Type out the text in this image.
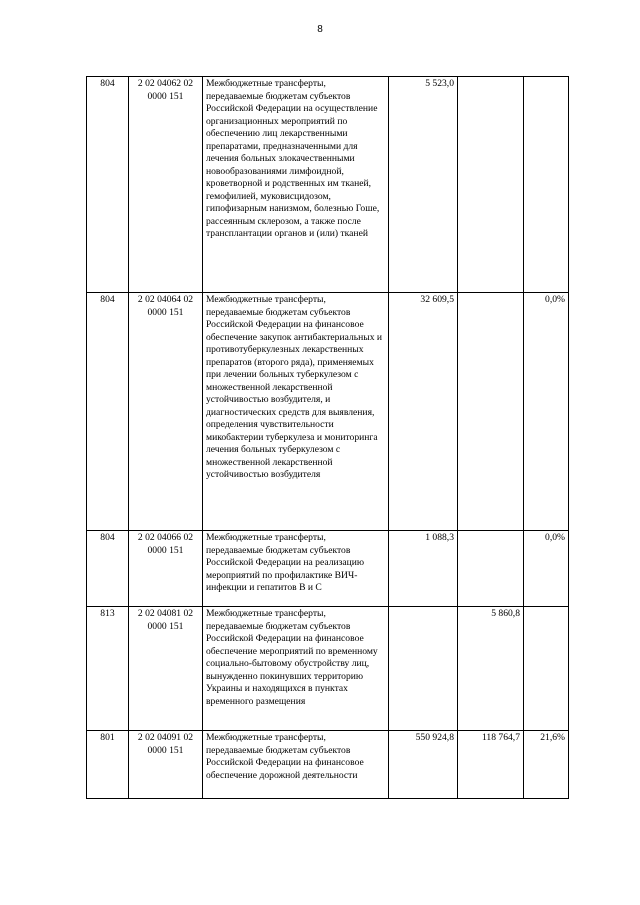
8
804	2 02 04062 02 0000 151	Межбюджетные трансферты, передаваемые бюджетам субъектов Российской Федерации на осуществление организационных мероприятий по обеспечению лиц лекарственными препаратами, предназначенными для лечения больных злокачественными новообразованиями лимфоидной, кроветворной и родственных им тканей, гемофилией, муковисцидозом, гипофизарным нанизмом, болезнью Гоше, рассеянным склерозом, а также после трансплантации органов и (или) тканей	5 523,0		
804	2 02 04064 02 0000 151	Межбюджетные трансферты, передаваемые бюджетам субъектов Российской Федерации на финансовое обеспечение закупок антибактериальных и противотуберкулезных лекарственных препаратов (второго ряда), применяемых при лечении больных туберкулезом с множественной лекарственной устойчивостью возбудителя, и диагностических средств для выявления, определения чувствительности микобактерии туберкулеза и мониторинга лечения больных туберкулезом с множественной лекарственной устойчивостью возбудителя	32 609,5		0,0%
804	2 02 04066 02 0000 151	Межбюджетные трансферты, передаваемые бюджетам субъектов Российской Федерации на реализацию мероприятий по профилактике ВИЧ-инфекции и гепатитов В и С	1 088,3		0,0%
813	2 02 04081 02 0000 151	Межбюджетные трансферты, передаваемые бюджетам субъектов Российской Федерации на финансовое обеспечение мероприятий по временному социально-бытовому обустройству лиц, вынужденно покинувших территорию Украины и находящихся в пунктах временного размещения		5 860,8	
801	2 02 04091 02 0000 151	Межбюджетные трансферты, передаваемые бюджетам субъектов Российской Федерации на финансовое обеспечение дорожной деятельности	550 924,8	118 764,7	21,6%
